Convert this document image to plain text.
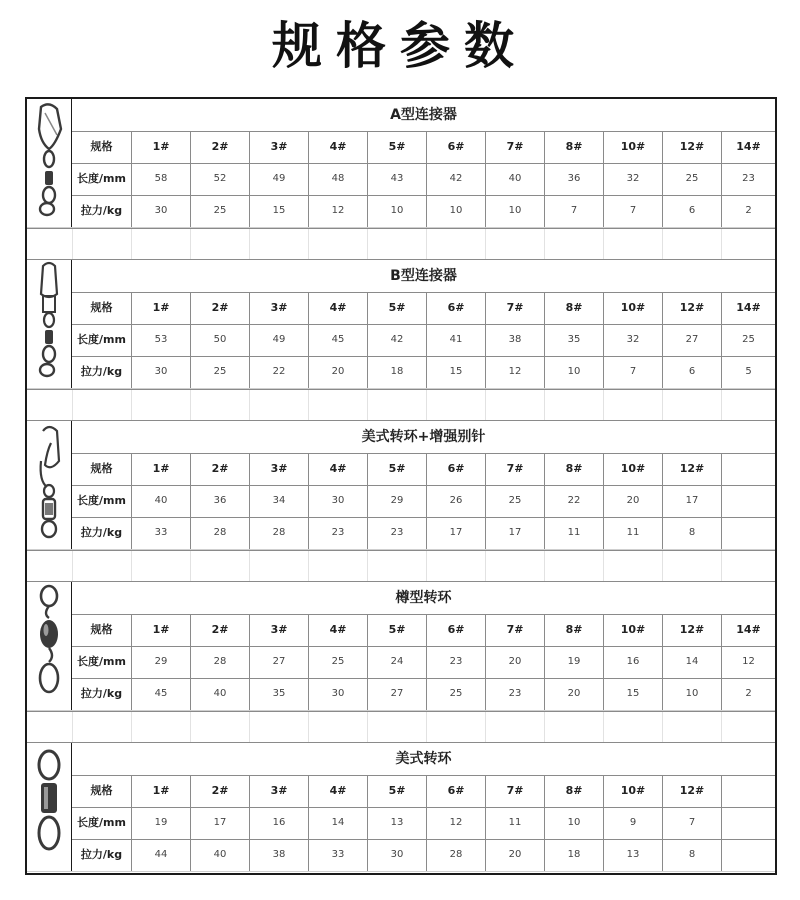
规格参数
A型连接器
规格	1#	2#	3#	4#	5#	6#	7#	8#	10#	12#	14#
长度/mm	58	52	49	48	43	42	40	36	32	25	23
拉力/kg	30	25	15	12	10	10	10	7	7	6	2
B型连接器
规格	1#	2#	3#	4#	5#	6#	7#	8#	10#	12#	14#
长度/mm	53	50	49	45	42	41	38	35	32	27	25
拉力/kg	30	25	22	20	18	15	12	10	7	6	5
美式转环+增强别针
规格	1#	2#	3#	4#	5#	6#	7#	8#	10#	12#
长度/mm	40	36	34	30	29	26	25	22	20	17
拉力/kg	33	28	28	23	23	17	17	11	11	8
樽型转环
规格	1#	2#	3#	4#	5#	6#	7#	8#	10#	12#	14#
长度/mm	29	28	27	25	24	23	20	19	16	14	12
拉力/kg	45	40	35	30	27	25	23	20	15	10	2
美式转环
规格	1#	2#	3#	4#	5#	6#	7#	8#	10#	12#
长度/mm	19	17	16	14	13	12	11	10	9	7
拉力/kg	44	40	38	33	30	28	20	18	13	8
